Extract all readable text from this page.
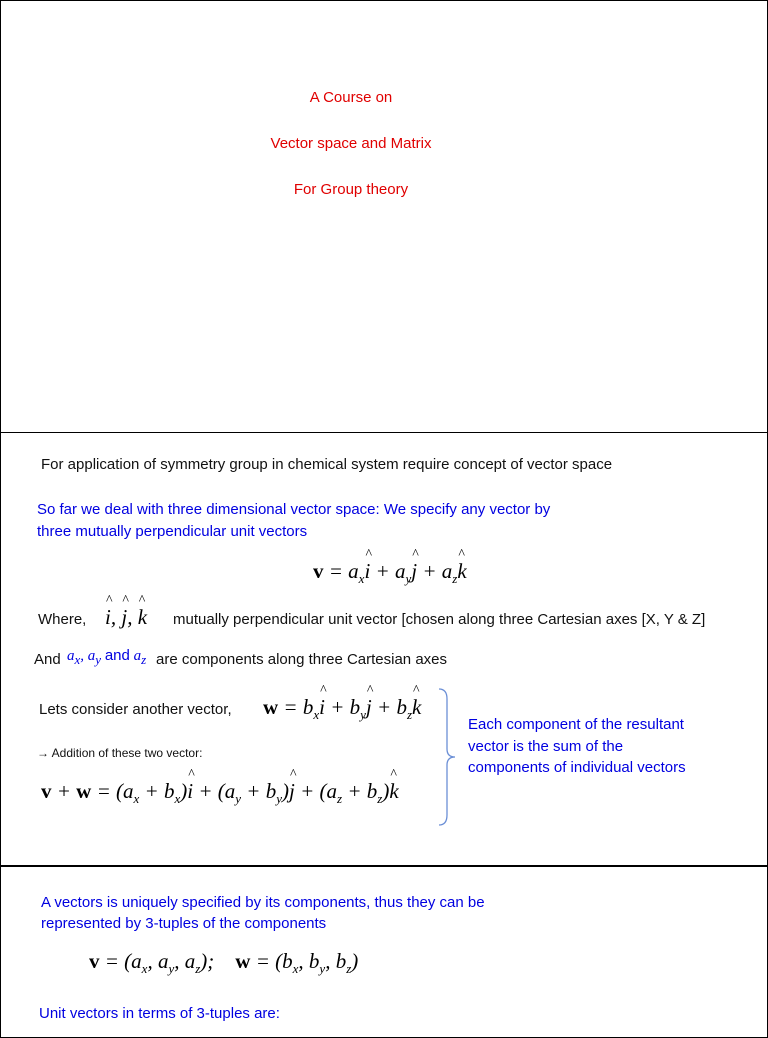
A Course on
Vector space and Matrix
For Group theory
For application of symmetry group in chemical system require concept of vector space
So far we deal with three dimensional vector space: We specify any vector by
three mutually perpendicular unit vectors
$v = a_xi$ ^ + $a_yj$ ^ + $a_zk$ ^
Where, i ^, j ^, k ^ mutually perpendicular unit vector [chosen along three Cartesian axes [X, Y & Z]
And $a_x$, $a_y$ and $a_z$ are components along three Cartesian axes
Lets consider another vector, $w = b_xi$ ^ + $b_yj$ ^ + $b_zk$ ^
→ Addition of these two vector:
$v + w = (a_x + b_x)i$ ^ + $(a_y + b_y)j$ ^ + $(a_z + b_z)k$ ^
Each component of the resultant
vector is the sum of the
components of individual vectors
A vectors is uniquely specified by its components, thus they can be
represented by 3-tuples of the components
$v = (a_x$, $a_y$, $a_z$);    $w = (b_x$, $b_y$, $b_z$)
Unit vectors in terms of 3-tuples are:
